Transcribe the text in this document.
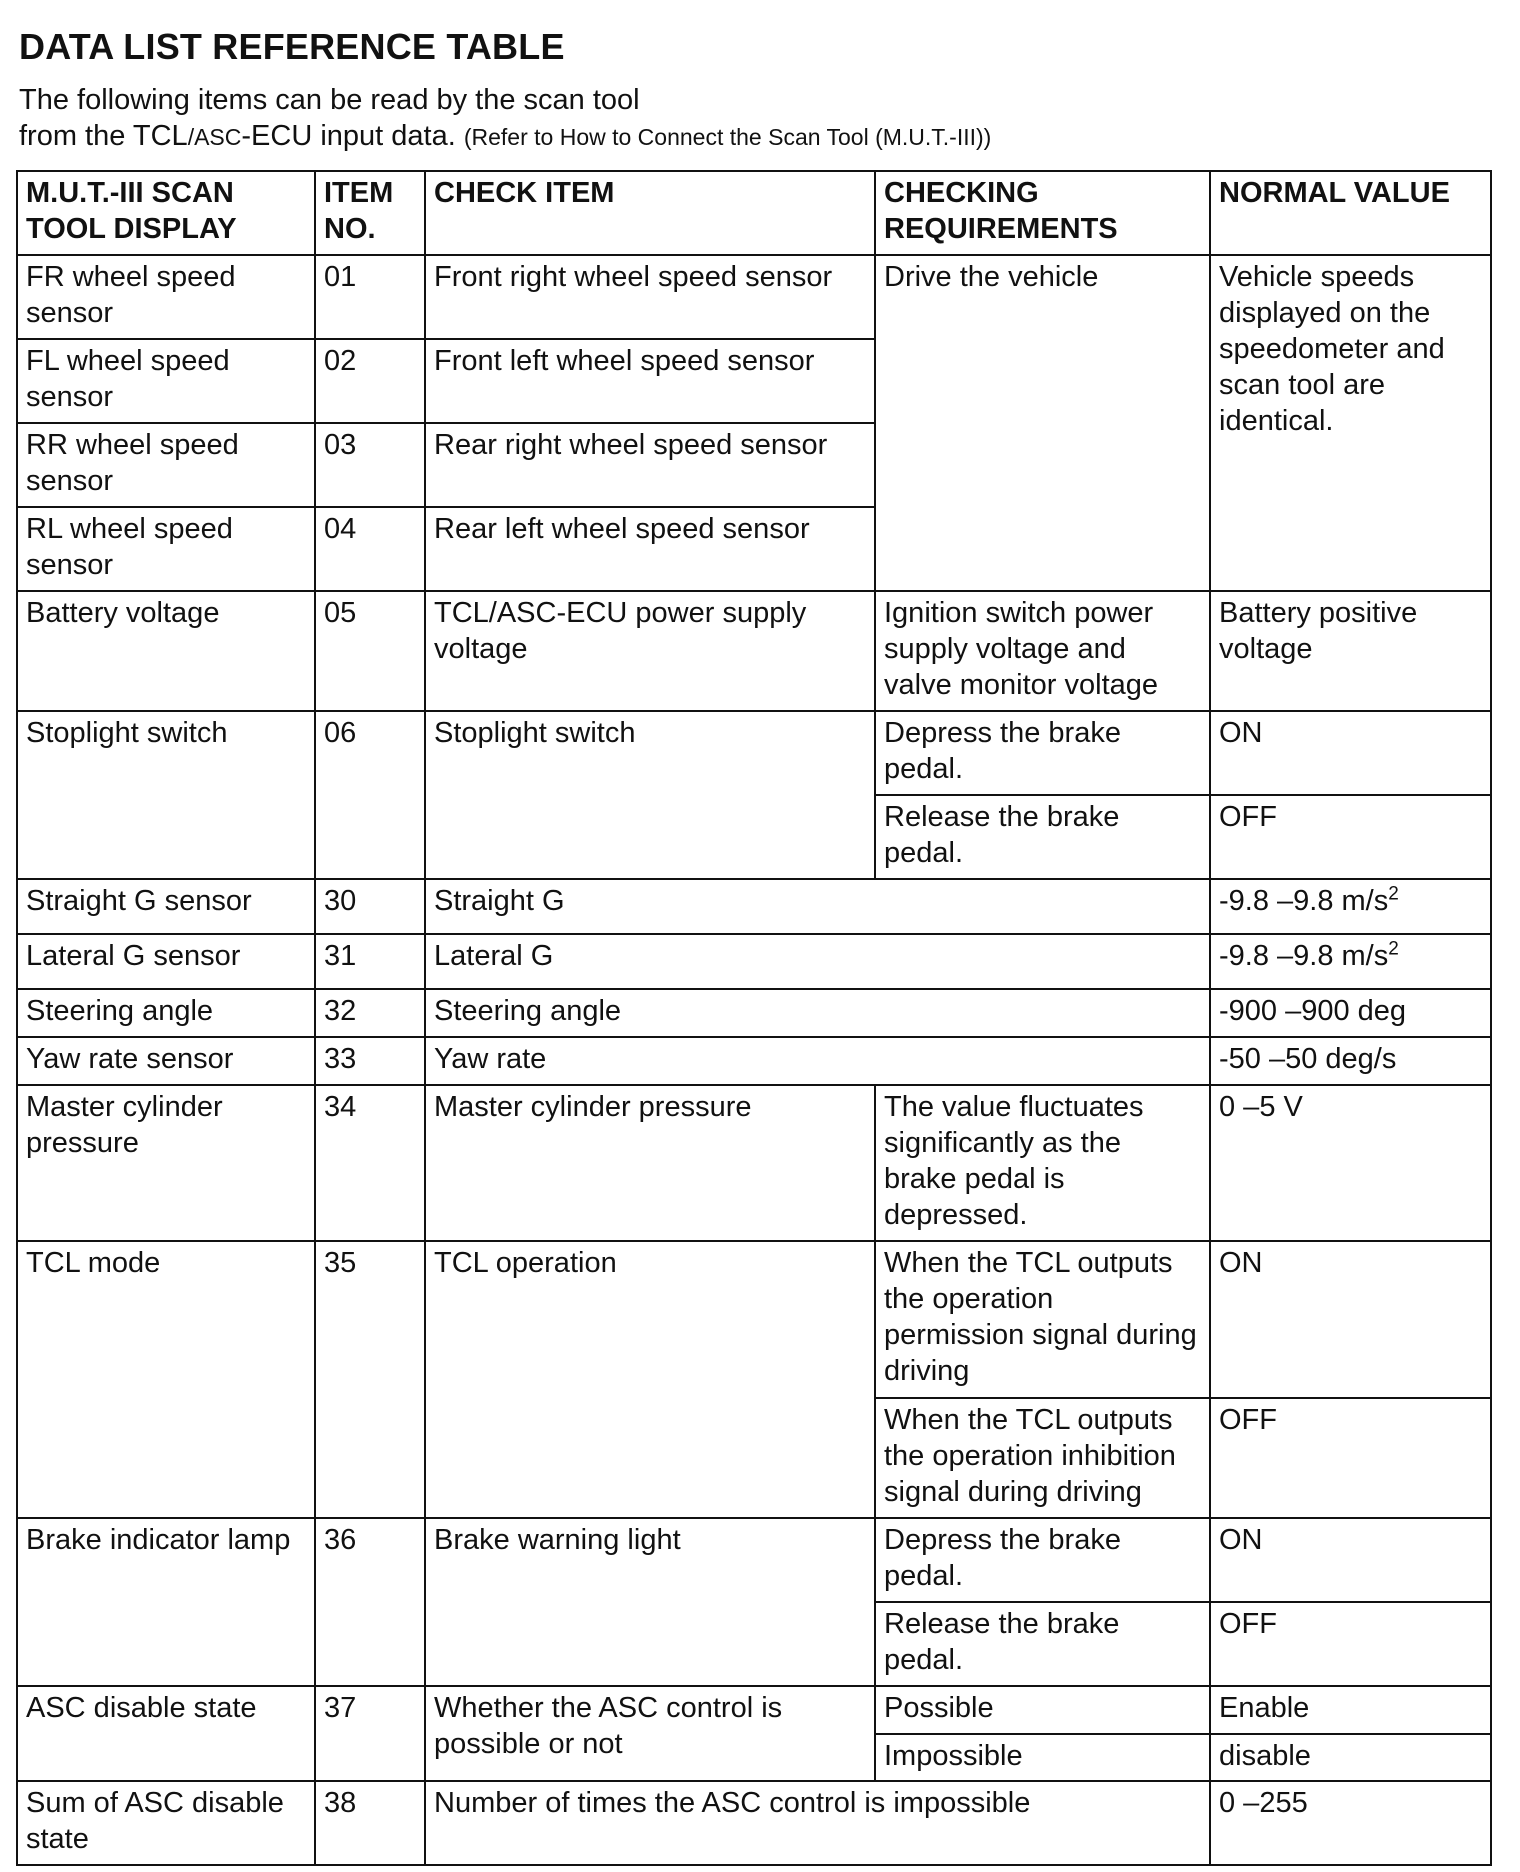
DATA LIST REFERENCE TABLE
The following items can be read by the scan tool
from the TCL/ASC-ECU input data. (Refer to How to Connect the Scan Tool (M.U.T.-III))
M.U.T.-III SCAN TOOL DISPLAY	ITEM NO.	CHECK ITEM	CHECKING REQUIREMENTS	NORMAL VALUE
FR wheel speed sensor	01	Front right wheel speed sensor	Drive the vehicle	Vehicle speeds displayed on the speedometer and scan tool are identical.
FL wheel speed sensor	02	Front left wheel speed sensor		
RR wheel speed sensor	03	Rear right wheel speed sensor		
RL wheel speed sensor	04	Rear left wheel speed sensor		
Battery voltage	05	TCL/ASC-ECU power supply voltage	Ignition switch power supply voltage and valve monitor voltage	Battery positive voltage
Stoplight switch	06	Stoplight switch	Depress the brake pedal.	ON
			Release the brake pedal.	OFF
Straight G sensor	30	Straight G		-9.8 –9.8 $m/s^2$
Lateral G sensor	31	Lateral G		-9.8 –9.8 $m/s^2$
Steering angle	32	Steering angle		-900 –900 deg
Yaw rate sensor	33	Yaw rate		-50 –50 deg/s
Master cylinder pressure	34	Master cylinder pressure	The value fluctuates significantly as the brake pedal is depressed.	0 –5 V
TCL mode	35	TCL operation	When the TCL outputs the operation permission signal during driving	ON
			When the TCL outputs the operation inhibition signal during driving	OFF
Brake indicator lamp	36	Brake warning light	Depress the brake pedal.	ON
			Release the brake pedal.	OFF
ASC disable state	37	Whether the ASC control is possible or not	Possible	Enable
			Impossible	disable
Sum of ASC disable state	38	Number of times the ASC control is impossible		0 –255
